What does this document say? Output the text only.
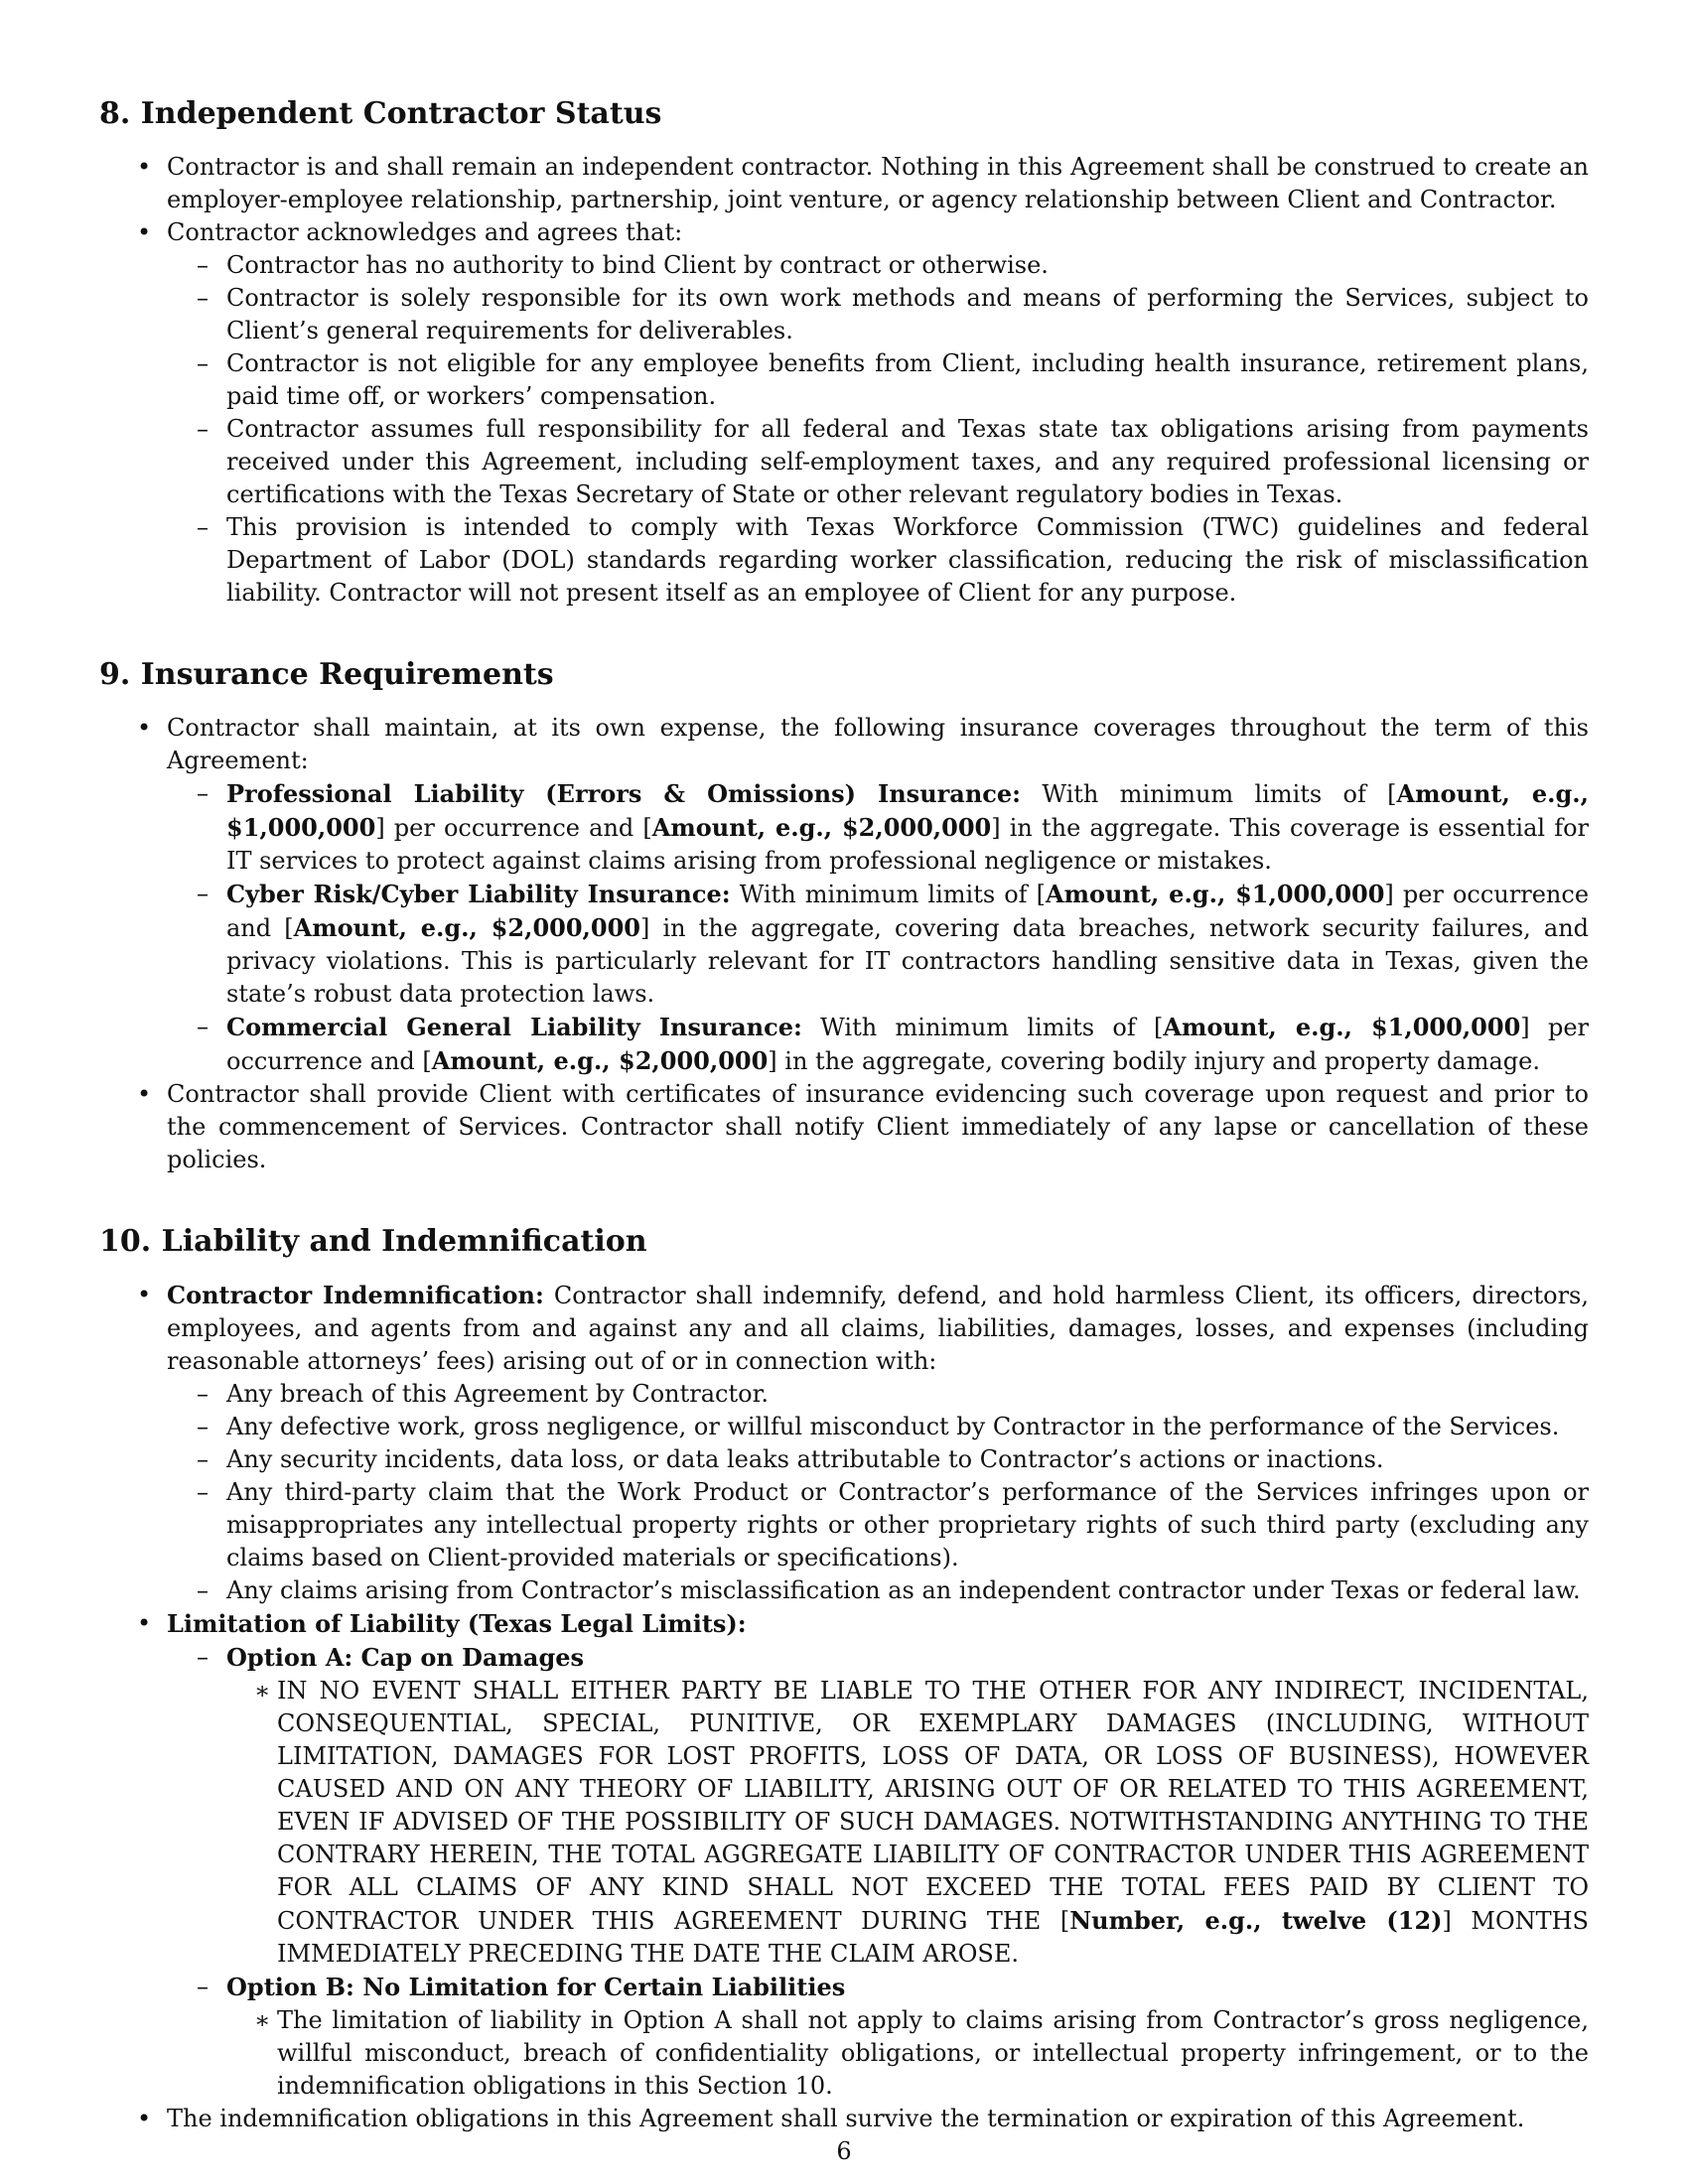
8. Independent Contractor Status
• Contractor is and shall remain an independent contractor. Nothing in this Agreement shall be construed to create an employer-employee relationship, partnership, joint venture, or agency relationship between Client and Contractor.
• Contractor acknowledges and agrees that:
– Contractor has no authority to bind Client by contract or otherwise.
– Contractor is solely responsible for its own work methods and means of performing the Services, subject to Client’s general requirements for deliverables.
– Contractor is not eligible for any employee benefits from Client, including health insurance, retirement plans, paid time off, or workers’ compensation.
– Contractor assumes full responsibility for all federal and Texas state tax obligations arising from payments received under this Agreement, including self-employment taxes, and any required professional licensing or certifications with the Texas Secretary of State or other relevant regulatory bodies in Texas.
– This provision is intended to comply with Texas Workforce Commission (TWC) guidelines and federal Department of Labor (DOL) standards regarding worker classification, reducing the risk of misclassification liability. Contractor will not present itself as an employee of Client for any purpose.
9. Insurance Requirements
• Contractor shall maintain, at its own expense, the following insurance coverages throughout the term of this Agreement:
– Professional Liability (Errors & Omissions) Insurance: With minimum limits of [Amount, e.g., $1,000,000] per occurrence and [Amount, e.g., $2,000,000] in the aggregate. This coverage is essential for IT services to protect against claims arising from professional negligence or mistakes.
– Cyber Risk/Cyber Liability Insurance: With minimum limits of [Amount, e.g., $1,000,000] per occurrence and [Amount, e.g., $2,000,000] in the aggregate, covering data breaches, network security failures, and privacy violations. This is particularly relevant for IT contractors handling sensitive data in Texas, given the state’s robust data protection laws.
– Commercial General Liability Insurance: With minimum limits of [Amount, e.g., $1,000,000] per occurrence and [Amount, e.g., $2,000,000] in the aggregate, covering bodily injury and property damage.
• Contractor shall provide Client with certificates of insurance evidencing such coverage upon request and prior to the commencement of Services. Contractor shall notify Client immediately of any lapse or cancellation of these policies.
10. Liability and Indemnification
• Contractor Indemnification: Contractor shall indemnify, defend, and hold harmless Client, its officers, directors, employees, and agents from and against any and all claims, liabilities, damages, losses, and expenses (including reasonable attorneys’ fees) arising out of or in connection with:
– Any breach of this Agreement by Contractor.
– Any defective work, gross negligence, or willful misconduct by Contractor in the performance of the Services.
– Any security incidents, data loss, or data leaks attributable to Contractor’s actions or inactions.
– Any third-party claim that the Work Product or Contractor’s performance of the Services infringes upon or misappropriates any intellectual property rights or other proprietary rights of such third party (excluding any claims based on Client-provided materials or specifications).
– Any claims arising from Contractor’s misclassification as an independent contractor under Texas or federal law.
• Limitation of Liability (Texas Legal Limits):
– Option A: Cap on Damages
∗ IN NO EVENT SHALL EITHER PARTY BE LIABLE TO THE OTHER FOR ANY INDIRECT, INCIDENTAL, CONSEQUENTIAL, SPECIAL, PUNITIVE, OR EXEMPLARY DAMAGES (INCLUDING, WITHOUT LIMITATION, DAMAGES FOR LOST PROFITS, LOSS OF DATA, OR LOSS OF BUSINESS), HOWEVER CAUSED AND ON ANY THEORY OF LIABILITY, ARISING OUT OF OR RELATED TO THIS AGREEMENT, EVEN IF ADVISED OF THE POSSIBILITY OF SUCH DAMAGES. NOTWITHSTANDING ANYTHING TO THE CONTRARY HEREIN, THE TOTAL AGGREGATE LIABILITY OF CONTRACTOR UNDER THIS AGREEMENT FOR ALL CLAIMS OF ANY KIND SHALL NOT EXCEED THE TOTAL FEES PAID BY CLIENT TO CONTRACTOR UNDER THIS AGREEMENT DURING THE [Number, e.g., twelve (12)] MONTHS IMMEDIATELY PRECEDING THE DATE THE CLAIM AROSE.
– Option B: No Limitation for Certain Liabilities
∗ The limitation of liability in Option A shall not apply to claims arising from Contractor’s gross negligence, willful misconduct, breach of confidentiality obligations, or intellectual property infringement, or to the indemnification obligations in this Section 10.
• The indemnification obligations in this Agreement shall survive the termination or expiration of this Agreement.
6
